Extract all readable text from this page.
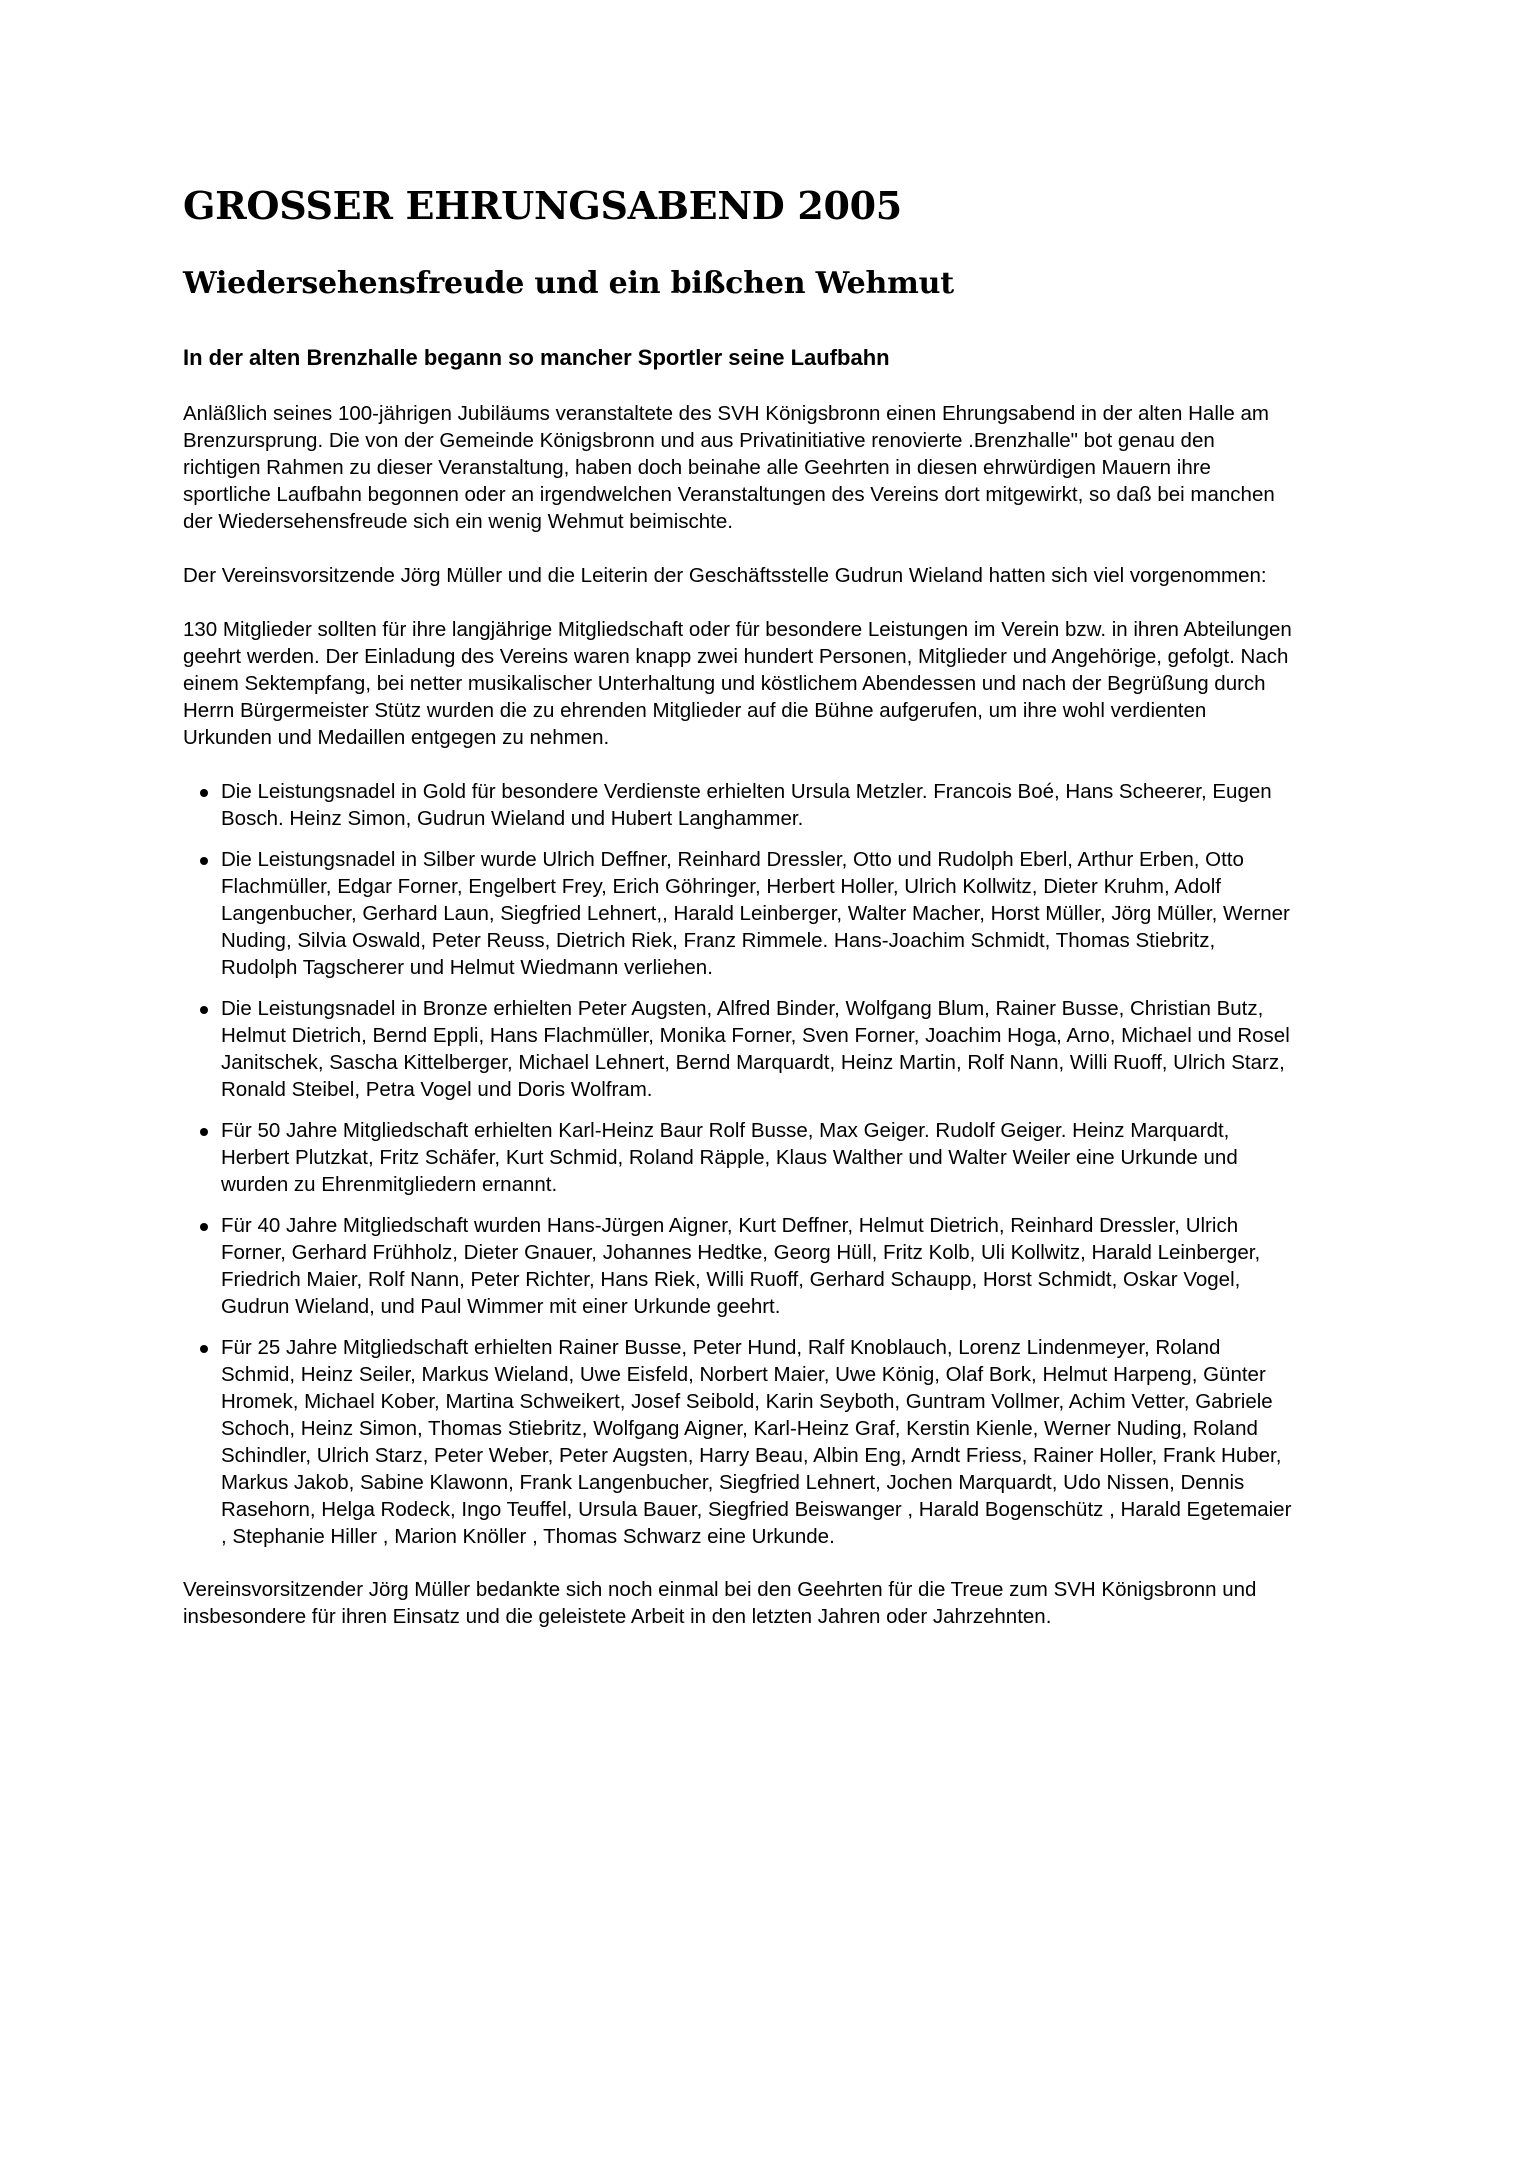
GROSSER EHRUNGSABEND 2005
Wiedersehensfreude und ein bißchen Wehmut
In der alten Brenzhalle begann so mancher Sportler seine Laufbahn

Anläßlich seines 100-jährigen Jubiläums veranstaltete des SVH Königsbronn einen Ehrungsabend in der alten Halle am Brenzursprung. Die von der Gemeinde Königsbronn und aus Privatinitiative renovierte .Brenzhalle" bot genau den richtigen Rahmen zu dieser Veranstaltung, haben doch beinahe alle Geehrten in diesen ehrwürdigen Mauern ihre sportliche Laufbahn begonnen oder an irgendwelchen Veranstaltungen des Vereins dort mitgewirkt, so daß bei manchen der Wiedersehensfreude sich ein wenig Wehmut beimischte.

Der Vereinsvorsitzende Jörg Müller und die Leiterin der Geschäftsstelle Gudrun Wieland hatten sich viel vorgenommen:

130 Mitglieder sollten für ihre langjährige Mitgliedschaft oder für besondere Leistungen im Verein bzw. in ihren Abteilungen geehrt werden. Der Einladung des Vereins waren knapp zwei hundert Personen, Mitglieder und Angehörige, gefolgt. Nach einem Sektempfang, bei netter musikalischer Unterhaltung und köstlichem Abendessen und nach der Begrüßung durch Herrn Bürgermeister Stütz wurden die zu ehrenden Mitglieder auf die Bühne aufgerufen, um ihre wohl verdienten Urkunden und Medaillen entgegen zu nehmen.

Die Leistungsnadel in Gold für besondere Verdienste erhielten Ursula Metzler. Francois Boé, Hans Scheerer, Eugen Bosch. Heinz Simon, Gudrun Wieland und Hubert Langhammer.
Die Leistungsnadel in Silber wurde Ulrich Deffner, Reinhard Dressler, Otto und Rudolph Eberl, Arthur Erben, Otto Flachmüller, Edgar Forner, Engelbert Frey, Erich Göhringer, Herbert Holler, Ulrich Kollwitz, Dieter Kruhm, Adolf Langenbucher, Gerhard Laun, Siegfried Lehnert,, Harald Leinberger, Walter Macher, Horst Müller, Jörg Müller, Werner Nuding, Silvia Oswald, Peter Reuss, Dietrich Riek, Franz Rimmele. Hans-Joachim Schmidt, Thomas Stiebritz, Rudolph Tagscherer und Helmut Wiedmann verliehen.
Die Leistungsnadel in Bronze erhielten Peter Augsten, Alfred Binder, Wolfgang Blum, Rainer Busse, Christian Butz, Helmut Dietrich, Bernd Eppli, Hans Flachmüller, Monika Forner, Sven Forner, Joachim Hoga, Arno, Michael und Rosel Janitschek, Sascha Kittelberger, Michael Lehnert, Bernd Marquardt, Heinz Martin, Rolf Nann, Willi Ruoff, Ulrich Starz, Ronald Steibel, Petra Vogel und Doris Wolfram.
Für 50 Jahre Mitgliedschaft erhielten Karl-Heinz Baur Rolf Busse, Max Geiger. Rudolf Geiger. Heinz Marquardt, Herbert Plutzkat, Fritz Schäfer, Kurt Schmid, Roland Räpple, Klaus Walther und Walter Weiler eine Urkunde und wurden zu Ehrenmitgliedern ernannt.
Für 40 Jahre Mitgliedschaft wurden Hans-Jürgen Aigner, Kurt Deffner, Helmut Dietrich, Reinhard Dressler, Ulrich Forner, Gerhard Frühholz, Dieter Gnauer, Johannes Hedtke, Georg Hüll, Fritz Kolb, Uli Kollwitz, Harald Leinberger, Friedrich Maier, Rolf Nann, Peter Richter, Hans Riek, Willi Ruoff, Gerhard Schaupp, Horst Schmidt, Oskar Vogel, Gudrun Wieland, und Paul Wimmer mit einer Urkunde geehrt.
Für 25 Jahre Mitgliedschaft erhielten Rainer Busse, Peter Hund, Ralf Knoblauch, Lorenz Lindenmeyer, Roland Schmid, Heinz Seiler, Markus Wieland, Uwe Eisfeld, Norbert Maier, Uwe König, Olaf Bork, Helmut Harpeng, Günter Hromek, Michael Kober, Martina Schweikert, Josef Seibold, Karin Seyboth, Guntram Vollmer, Achim Vetter, Gabriele Schoch, Heinz Simon, Thomas Stiebritz, Wolfgang Aigner, Karl-Heinz Graf, Kerstin Kienle, Werner Nuding, Roland Schindler, Ulrich Starz, Peter Weber, Peter Augsten, Harry Beau, Albin Eng, Arndt Friess, Rainer Holler, Frank Huber, Markus Jakob, Sabine Klawonn, Frank Langenbucher, Siegfried Lehnert, Jochen Marquardt, Udo Nissen, Dennis Rasehorn, Helga Rodeck, Ingo Teuffel, Ursula Bauer, Siegfried Beiswanger , Harald Bogenschütz , Harald Egetemaier , Stephanie Hiller , Marion Knöller , Thomas Schwarz eine Urkunde.

Vereinsvorsitzender Jörg Müller bedankte sich noch einmal bei den Geehrten für die Treue zum SVH Königsbronn und insbesondere für ihren Einsatz und die geleistete Arbeit in den letzten Jahren oder Jahrzehnten.
